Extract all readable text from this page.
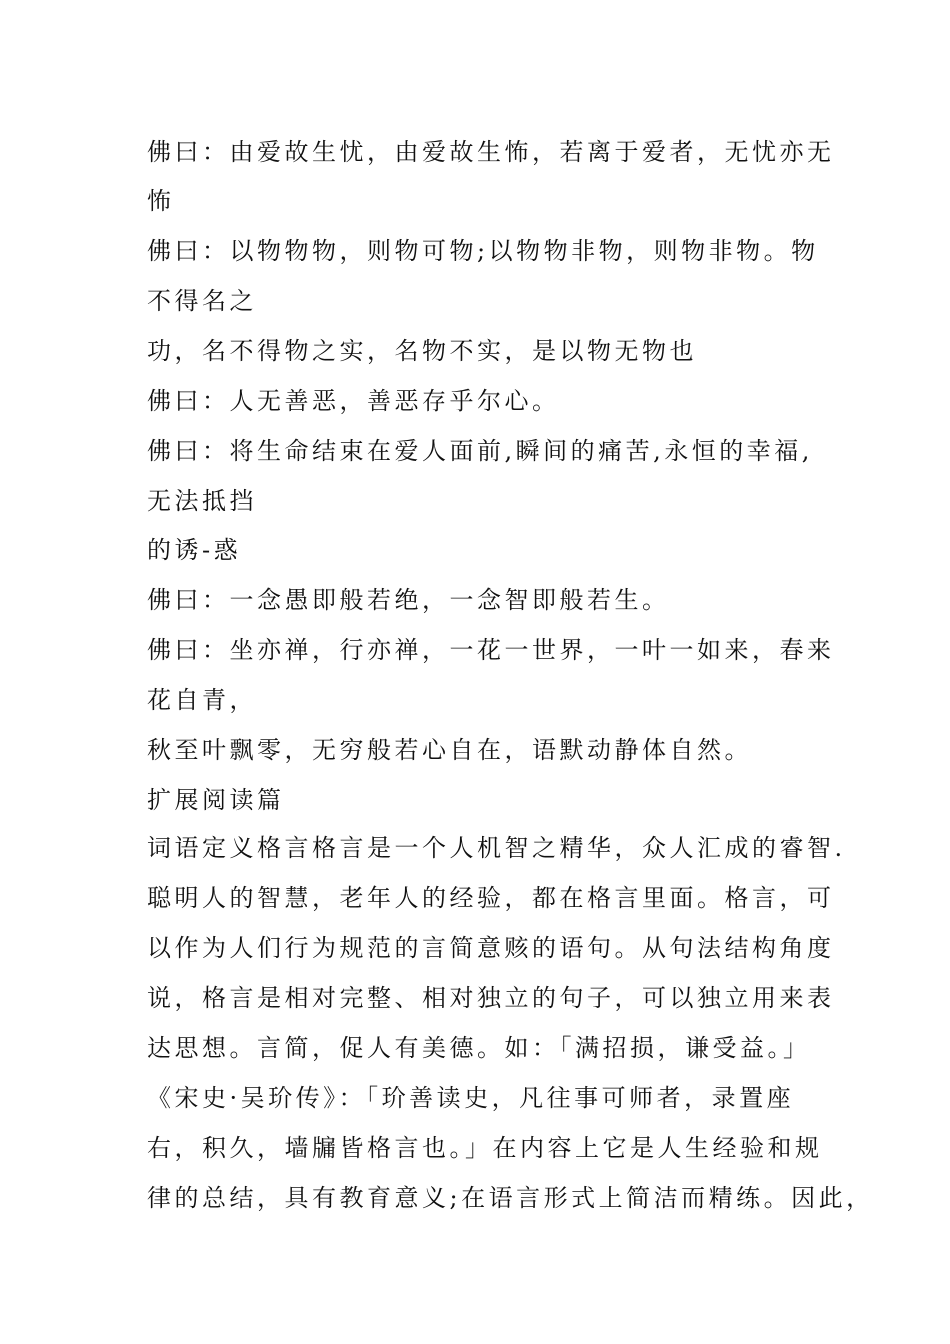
佛曰：由爱故生忧，由爱故生怖，若离于爱者，无忧亦无
怖
佛曰：以物物物，则物可物;以物物非物，则物非物。物
不得名之
功，名不得物之实，名物不实，是以物无物也
佛曰：人无善恶，善恶存乎尔心。
佛曰：将生命结束在爱人面前,瞬间的痛苦,永恒的幸福,
无法抵挡
的诱-惑
佛曰：一念愚即般若绝，一念智即般若生。
佛曰：坐亦禅，行亦禅，一花一世界，一叶一如来，春来
花自青，
秋至叶飘零，无穷般若心自在，语默动静体自然。
扩展阅读篇
词语定义格言格言是一个人机智之精华，众人汇成的睿智.
聪明人的智慧，老年人的经验，都在格言里面。格言，可
以作为人们行为规范的言简意赅的语句。从句法结构角度
说，格言是相对完整、相对独立的句子，可以独立用来表
达思想。言简，促人有美德。如：「满招损，谦受益。」
《宋史·吴玠传》：「玠善读史，凡往事可师者，录置座
右，积久，墙牖皆格言也。」在内容上它是人生经验和规
律的总结，具有教育意义;在语言形式上简洁而精练。因此，
